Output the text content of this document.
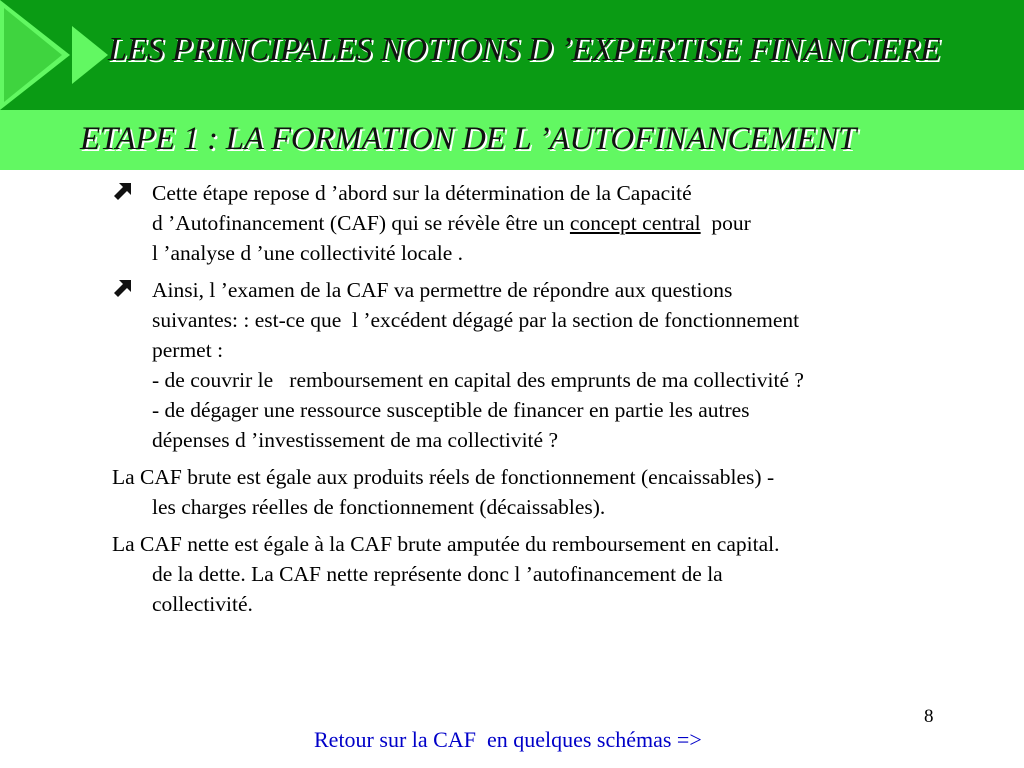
LES PRINCIPALES NOTIONS D ’EXPERTISE FINANCIERE
ETAPE 1 : LA FORMATION DE L ’AUTOFINANCEMENT
Cette étape repose d ’abord sur la détermination de la Capacité
d ’Autofinancement (CAF) qui se révèle être un concept central  pour
l ’analyse d ’une collectivité locale .
Ainsi, l ’examen de la CAF va permettre de répondre aux questions
suivantes: : est-ce que  l ’excédent dégagé par la section de fonctionnement
permet :
- de couvrir le   remboursement en capital des emprunts de ma collectivité ?
- de dégager une ressource susceptible de financer en partie les autres
dépenses d ’investissement de ma collectivité ?
La CAF brute est égale aux produits réels de fonctionnement (encaissables) -
les charges réelles de fonctionnement (décaissables).
La CAF nette est égale à la CAF brute amputée du remboursement en capital.
de la dette. La CAF nette représente donc l ’autofinancement de la
collectivité.
8
Retour sur la CAF  en quelques schémas =>
